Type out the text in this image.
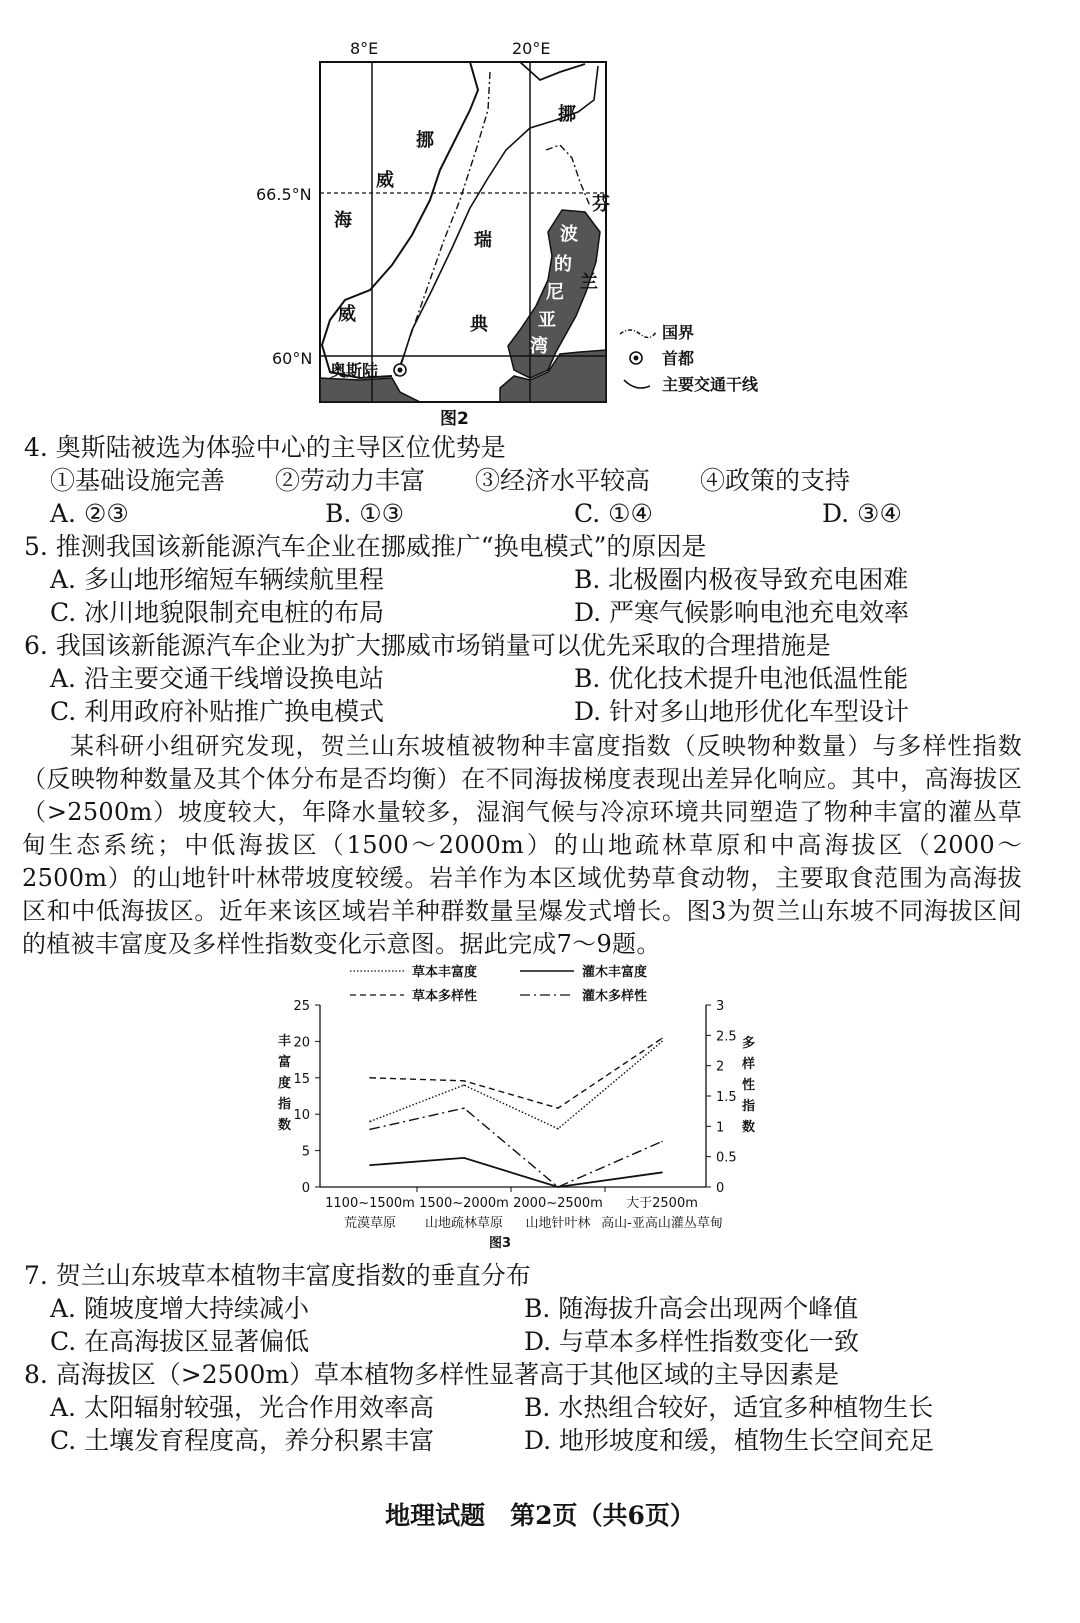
8°E	20°E
66.5°N
60°N
挪
威
海
挪
威
瑞
典
芬
兰
波
的
尼
亚
湾
奥斯陆
国界
首都
主要交通干线
图2
4. 奥斯陆被选为体验中心的主导区位优势是
①基础设施完善　　②劳动力丰富　　③经济水平较高　　④政策的支持
A. ②③	B. ①③	C. ①④	D. ③④
5. 推测我国该新能源汽车企业在挪威推广“换电模式”的原因是
A. 多山地形缩短车辆续航里程	B. 北极圈内极夜导致充电困难
C. 冰川地貌限制充电桩的布局	D. 严寒气候影响电池充电效率
6. 我国该新能源汽车企业为扩大挪威市场销量可以优先采取的合理措施是
A. 沿主要交通干线增设换电站	B. 优化技术提升电池低温性能
C. 利用政府补贴推广换电模式	D. 针对多山地形优化车型设计
某科研小组研究发现，贺兰山东坡植被物种丰富度指数（反映物种数量）与多样性指数（反映物种数量及其个体分布是否均衡）在不同海拔梯度表现出差异化响应。其中，高海拔区（>2500m）坡度较大，年降水量较多，湿润气候与冷凉环境共同塑造了物种丰富的灌丛草甸生态系统；中低海拔区（1500～2000m）的山地疏林草原和中高海拔区（2000～2500m）的山地针叶林带坡度较缓。岩羊作为本区域优势草食动物，主要取食范围为高海拔区和中低海拔区。近年来该区域岩羊种群数量呈爆发式增长。图3为贺兰山东坡不同海拔区间的植被丰富度及多样性指数变化示意图。据此完成7～9题。
草本丰富度	灌木丰富度
草本多样性	灌木多样性
0
5
10
15
20
25
0
0.5
1
1.5
2
2.5
3
丰
富
度
指
数
多
样
性
指
数
1100~1500m
荒漠草原
1500~2000m
山地疏林草原
2000~2500m
山地针叶林
大于2500m
高山-亚高山灌丛草甸
图3
7. 贺兰山东坡草本植物丰富度指数的垂直分布
A. 随坡度增大持续减小	B. 随海拔升高会出现两个峰值
C. 在高海拔区显著偏低	D. 与草本多样性指数变化一致
8. 高海拔区（>2500m）草本植物多样性显著高于其他区域的主导因素是
A. 太阳辐射较强，光合作用效率高	B. 水热组合较好，适宜多种植物生长
C. 土壤发育程度高，养分积累丰富	D. 地形坡度和缓，植物生长空间充足
地理试题　第2页（共6页）
